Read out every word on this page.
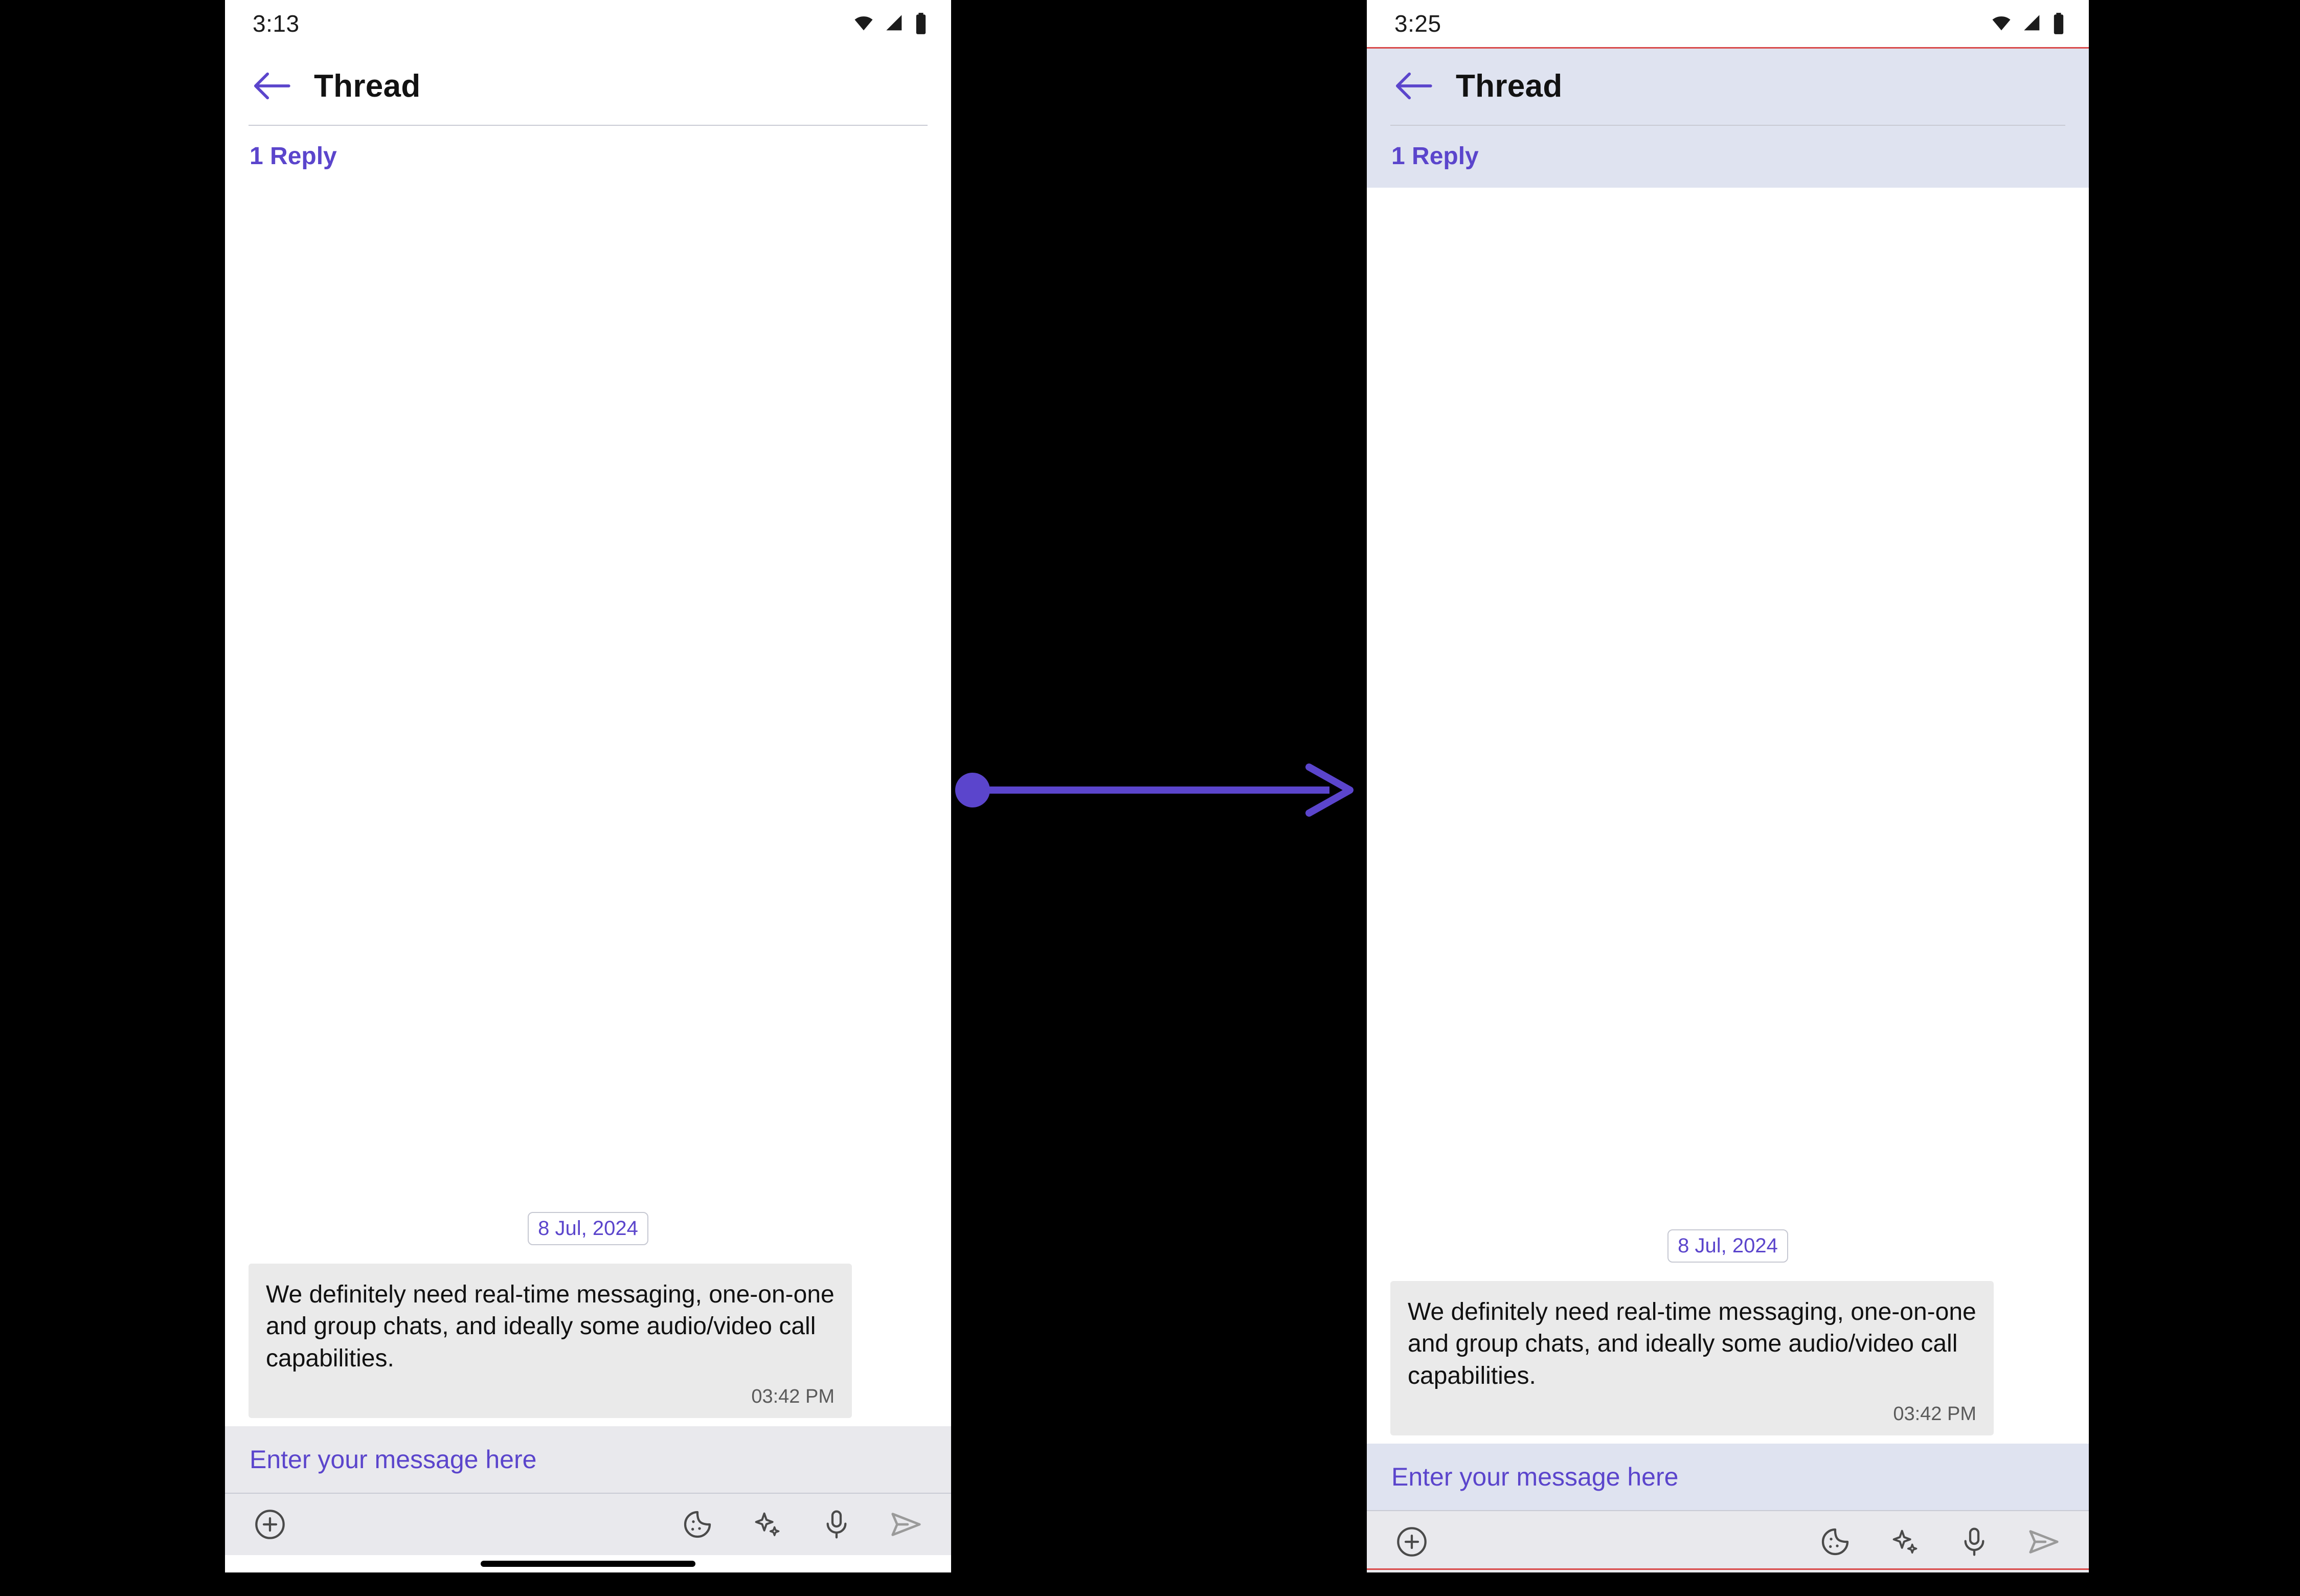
3:13
Thread
1 Reply
8 Jul, 2024
We definitely need real-time messaging, one-on-one and group chats, and ideally some audio/video call capabilities.
03:42 PM
Enter your message here
3:25
Thread
1 Reply
8 Jul, 2024
We definitely need real-time messaging, one-on-one and group chats, and ideally some audio/video call capabilities.
03:42 PM
Enter your message here
